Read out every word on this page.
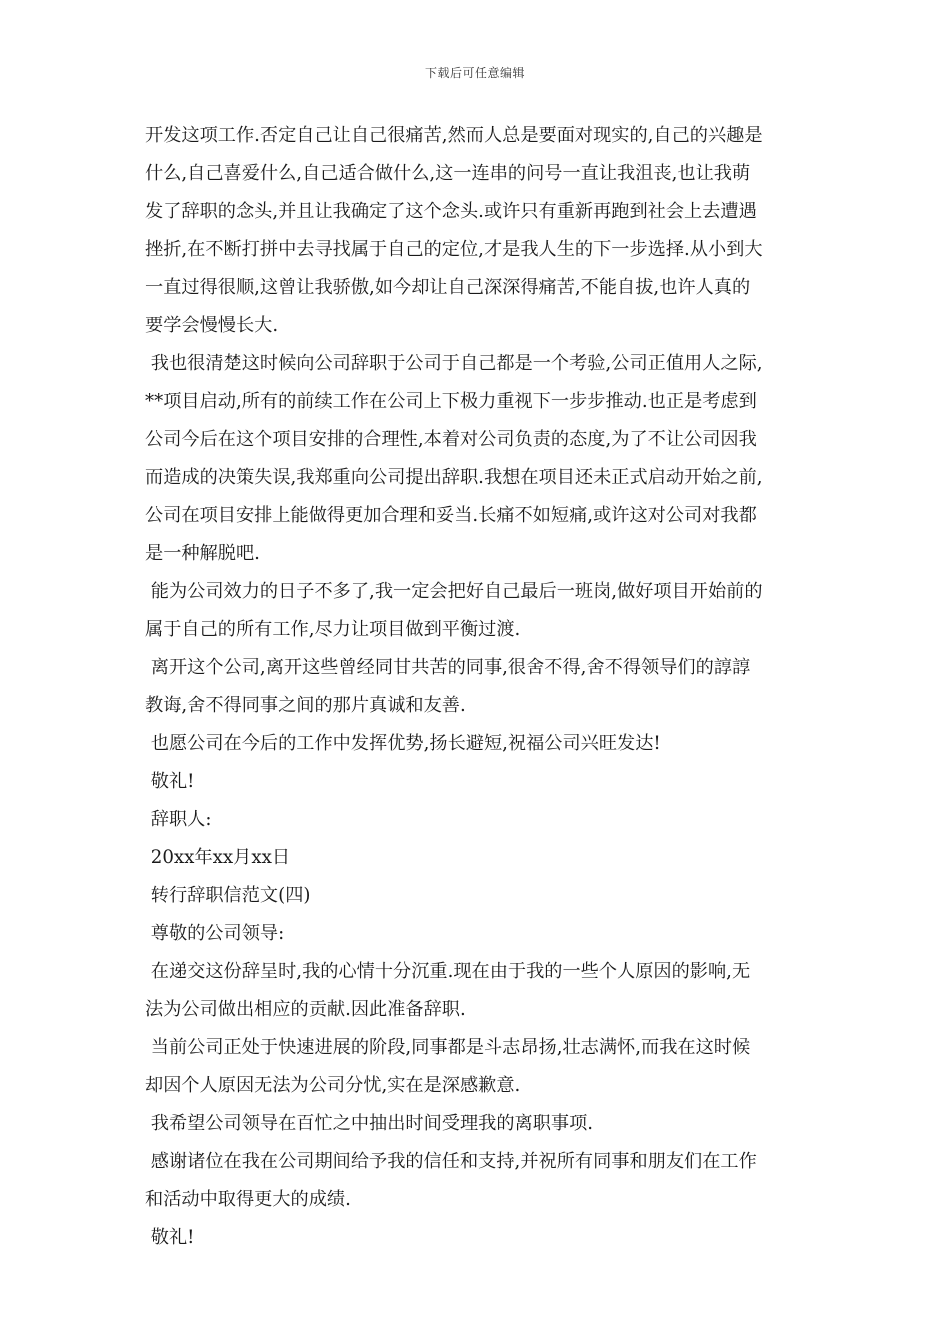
下载后可任意编辑
开发这项工作.否定自己让自己很痛苦,然而人总是要面对现实的,自己的兴趣是
什么,自己喜爱什么,自己适合做什么,这一连串的问号一直让我沮丧,也让我萌
发了辞职的念头,并且让我确定了这个念头.或许只有重新再跑到社会上去遭遇
挫折,在不断打拼中去寻找属于自己的定位,才是我人生的下一步选择.从小到大
一直过得很顺,这曾让我骄傲,如今却让自己深深得痛苦,不能自拔,也许人真的
要学会慢慢长大.
我也很清楚这时候向公司辞职于公司于自己都是一个考验,公司正值用人之际,
**项目启动,所有的前续工作在公司上下极力重视下一步步推动.也正是考虑到
公司今后在这个项目安排的合理性,本着对公司负责的态度,为了不让公司因我
而造成的决策失误,我郑重向公司提出辞职.我想在项目还未正式启动开始之前,
公司在项目安排上能做得更加合理和妥当.长痛不如短痛,或许这对公司对我都
是一种解脱吧.
能为公司效力的日子不多了,我一定会把好自己最后一班岗,做好项目开始前的
属于自己的所有工作,尽力让项目做到平衡过渡.
离开这个公司,离开这些曾经同甘共苦的同事,很舍不得,舍不得领导们的諄諄
教诲,舍不得同事之间的那片真诚和友善.
也愿公司在今后的工作中发挥优势,扬长避短,祝福公司兴旺发达!
敬礼!
辞职人:
20xx年xx月xx日
转行辞职信范文(四)
尊敬的公司领导:
在递交这份辞呈时,我的心情十分沉重.现在由于我的一些个人原因的影响,无
法为公司做出相应的贡献.因此准备辞职.
当前公司正处于快速进展的阶段,同事都是斗志昂扬,壮志满怀,而我在这时候
却因个人原因无法为公司分忧,实在是深感歉意.
我希望公司领导在百忙之中抽出时间受理我的离职事项.
感谢诸位在我在公司期间给予我的信任和支持,并祝所有同事和朋友们在工作
和活动中取得更大的成绩.
敬礼!
